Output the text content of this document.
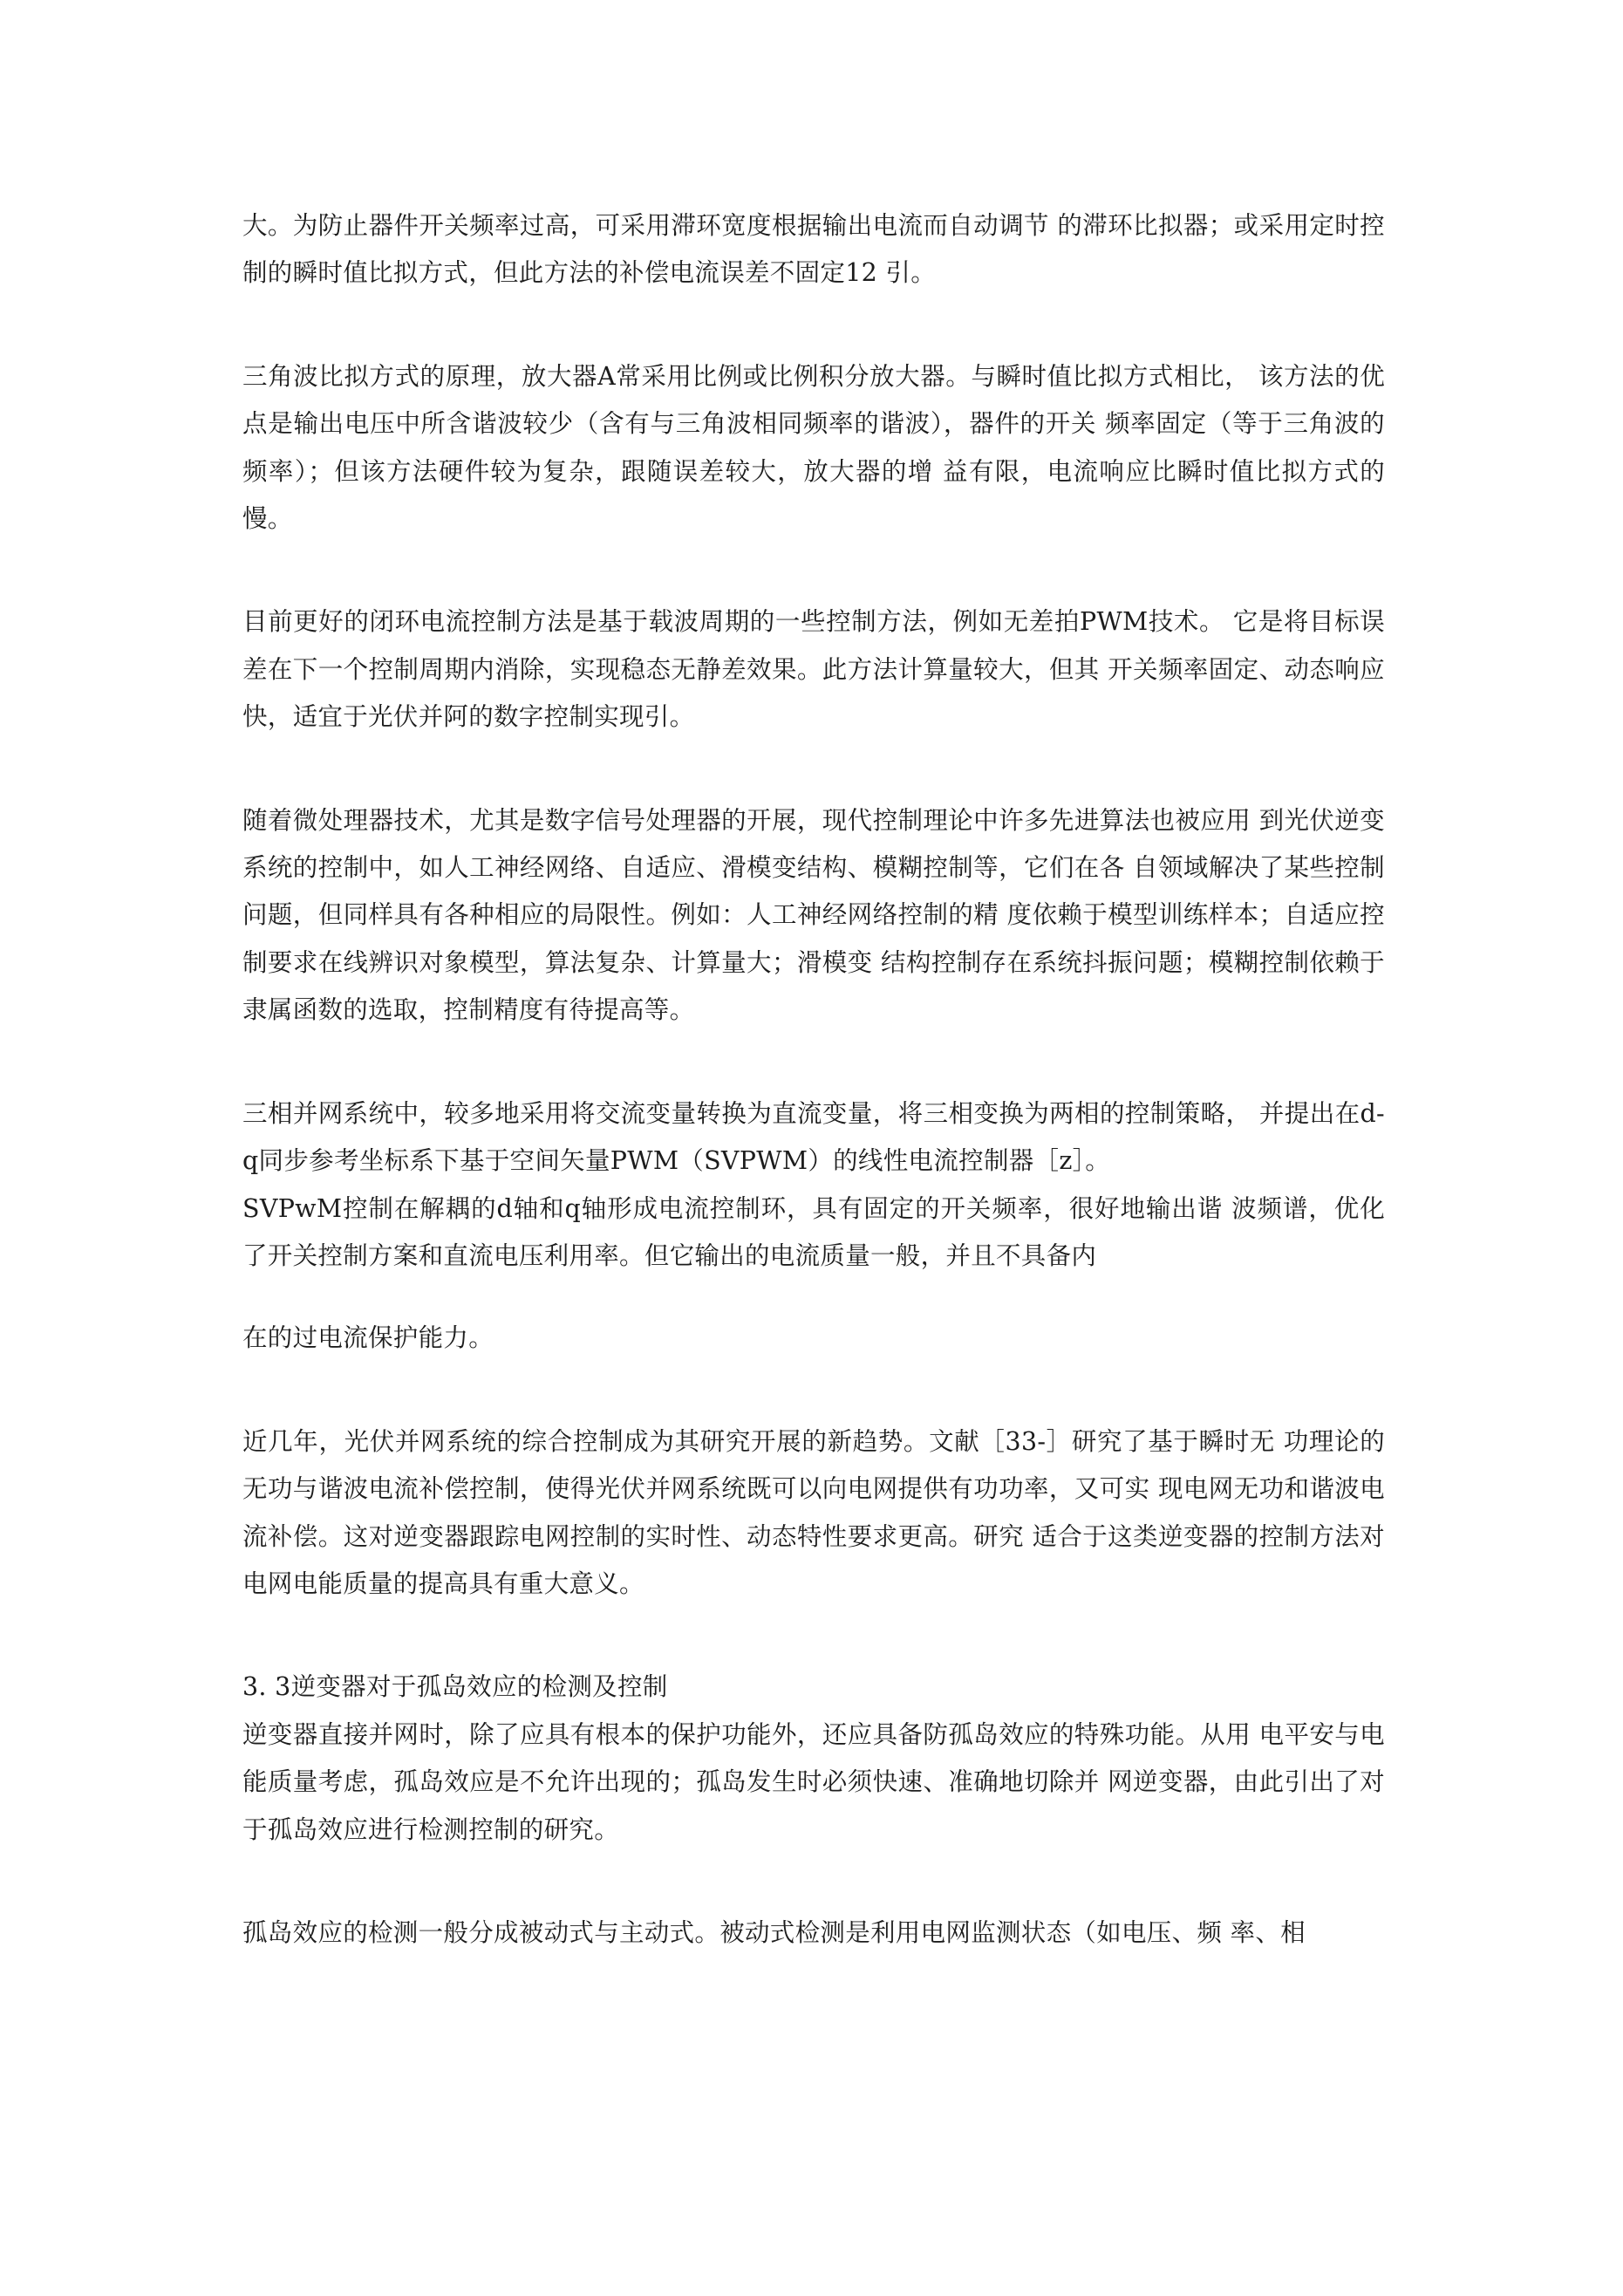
大。为防止器件开关频率过高，可采用滞环宽度根据输出电流而自动调节 的滞环比拟器；或采用定时控制的瞬时值比拟方式，但此方法的补偿电流误差不固定12 引。

三角波比拟方式的原理，放大器A常采用比例或比例积分放大器。与瞬时值比拟方式相比， 该方法的优点是输出电压中所含谐波较少（含有与三角波相同频率的谐波），器件的开关 频率固定（等于三角波的频率）；但该方法硬件较为复杂，跟随误差较大，放大器的增 益有限，电流响应比瞬时值比拟方式的慢。

目前更好的闭环电流控制方法是基于载波周期的一些控制方法，例如无差拍PWM技术。 它是将目标误差在下一个控制周期内消除，实现稳态无静差效果。此方法计算量较大，但其 开关频率固定、动态响应快，适宜于光伏并阿的数字控制实现引。

随着微处理器技术，尤其是数字信号处理器的开展，现代控制理论中许多先进算法也被应用 到光伏逆变系统的控制中，如人工神经网络、自适应、滑模变结构、模糊控制等，它们在各 自领域解决了某些控制问题，但同样具有各种相应的局限性。例如：人工神经网络控制的精 度依赖于模型训练样本；自适应控制要求在线辨识对象模型，算法复杂、计算量大；滑模变 结构控制存在系统抖振问题；模糊控制依赖于隶属函数的选取，控制精度有待提高等。

三相并网系统中，较多地采用将交流变量转换为直流变量，将三相变换为两相的控制策略， 并提出在d-q同步参考坐标系下基于空间矢量PWM（SVPWM）的线性电流控制器［z］。

SVPwM控制在解耦的d轴和q轴形成电流控制环，具有固定的开关频率，很好地输出谐 波频谱，优化了开关控制方案和直流电压利用率。但它输出的电流质量一般，并且不具备内

在的过电流保护能力。

近几年，光伏并网系统的综合控制成为其研究开展的新趋势。文献［33-］研究了基于瞬时无 功理论的无功与谐波电流补偿控制，使得光伏并网系统既可以向电网提供有功功率，又可实 现电网无功和谐波电流补偿。这对逆变器跟踪电网控制的实时性、动态特性要求更高。研究 适合于这类逆变器的控制方法对电网电能质量的提高具有重大意义。

3. 3逆变器对于孤岛效应的检测及控制

逆变器直接并网时，除了应具有根本的保护功能外，还应具备防孤岛效应的特殊功能。从用 电平安与电能质量考虑，孤岛效应是不允许出现的；孤岛发生时必须快速、准确地切除并 网逆变器，由此引出了对于孤岛效应进行检测控制的研究。

孤岛效应的检测一般分成被动式与主动式。被动式检测是利用电网监测状态（如电压、频 率、相
